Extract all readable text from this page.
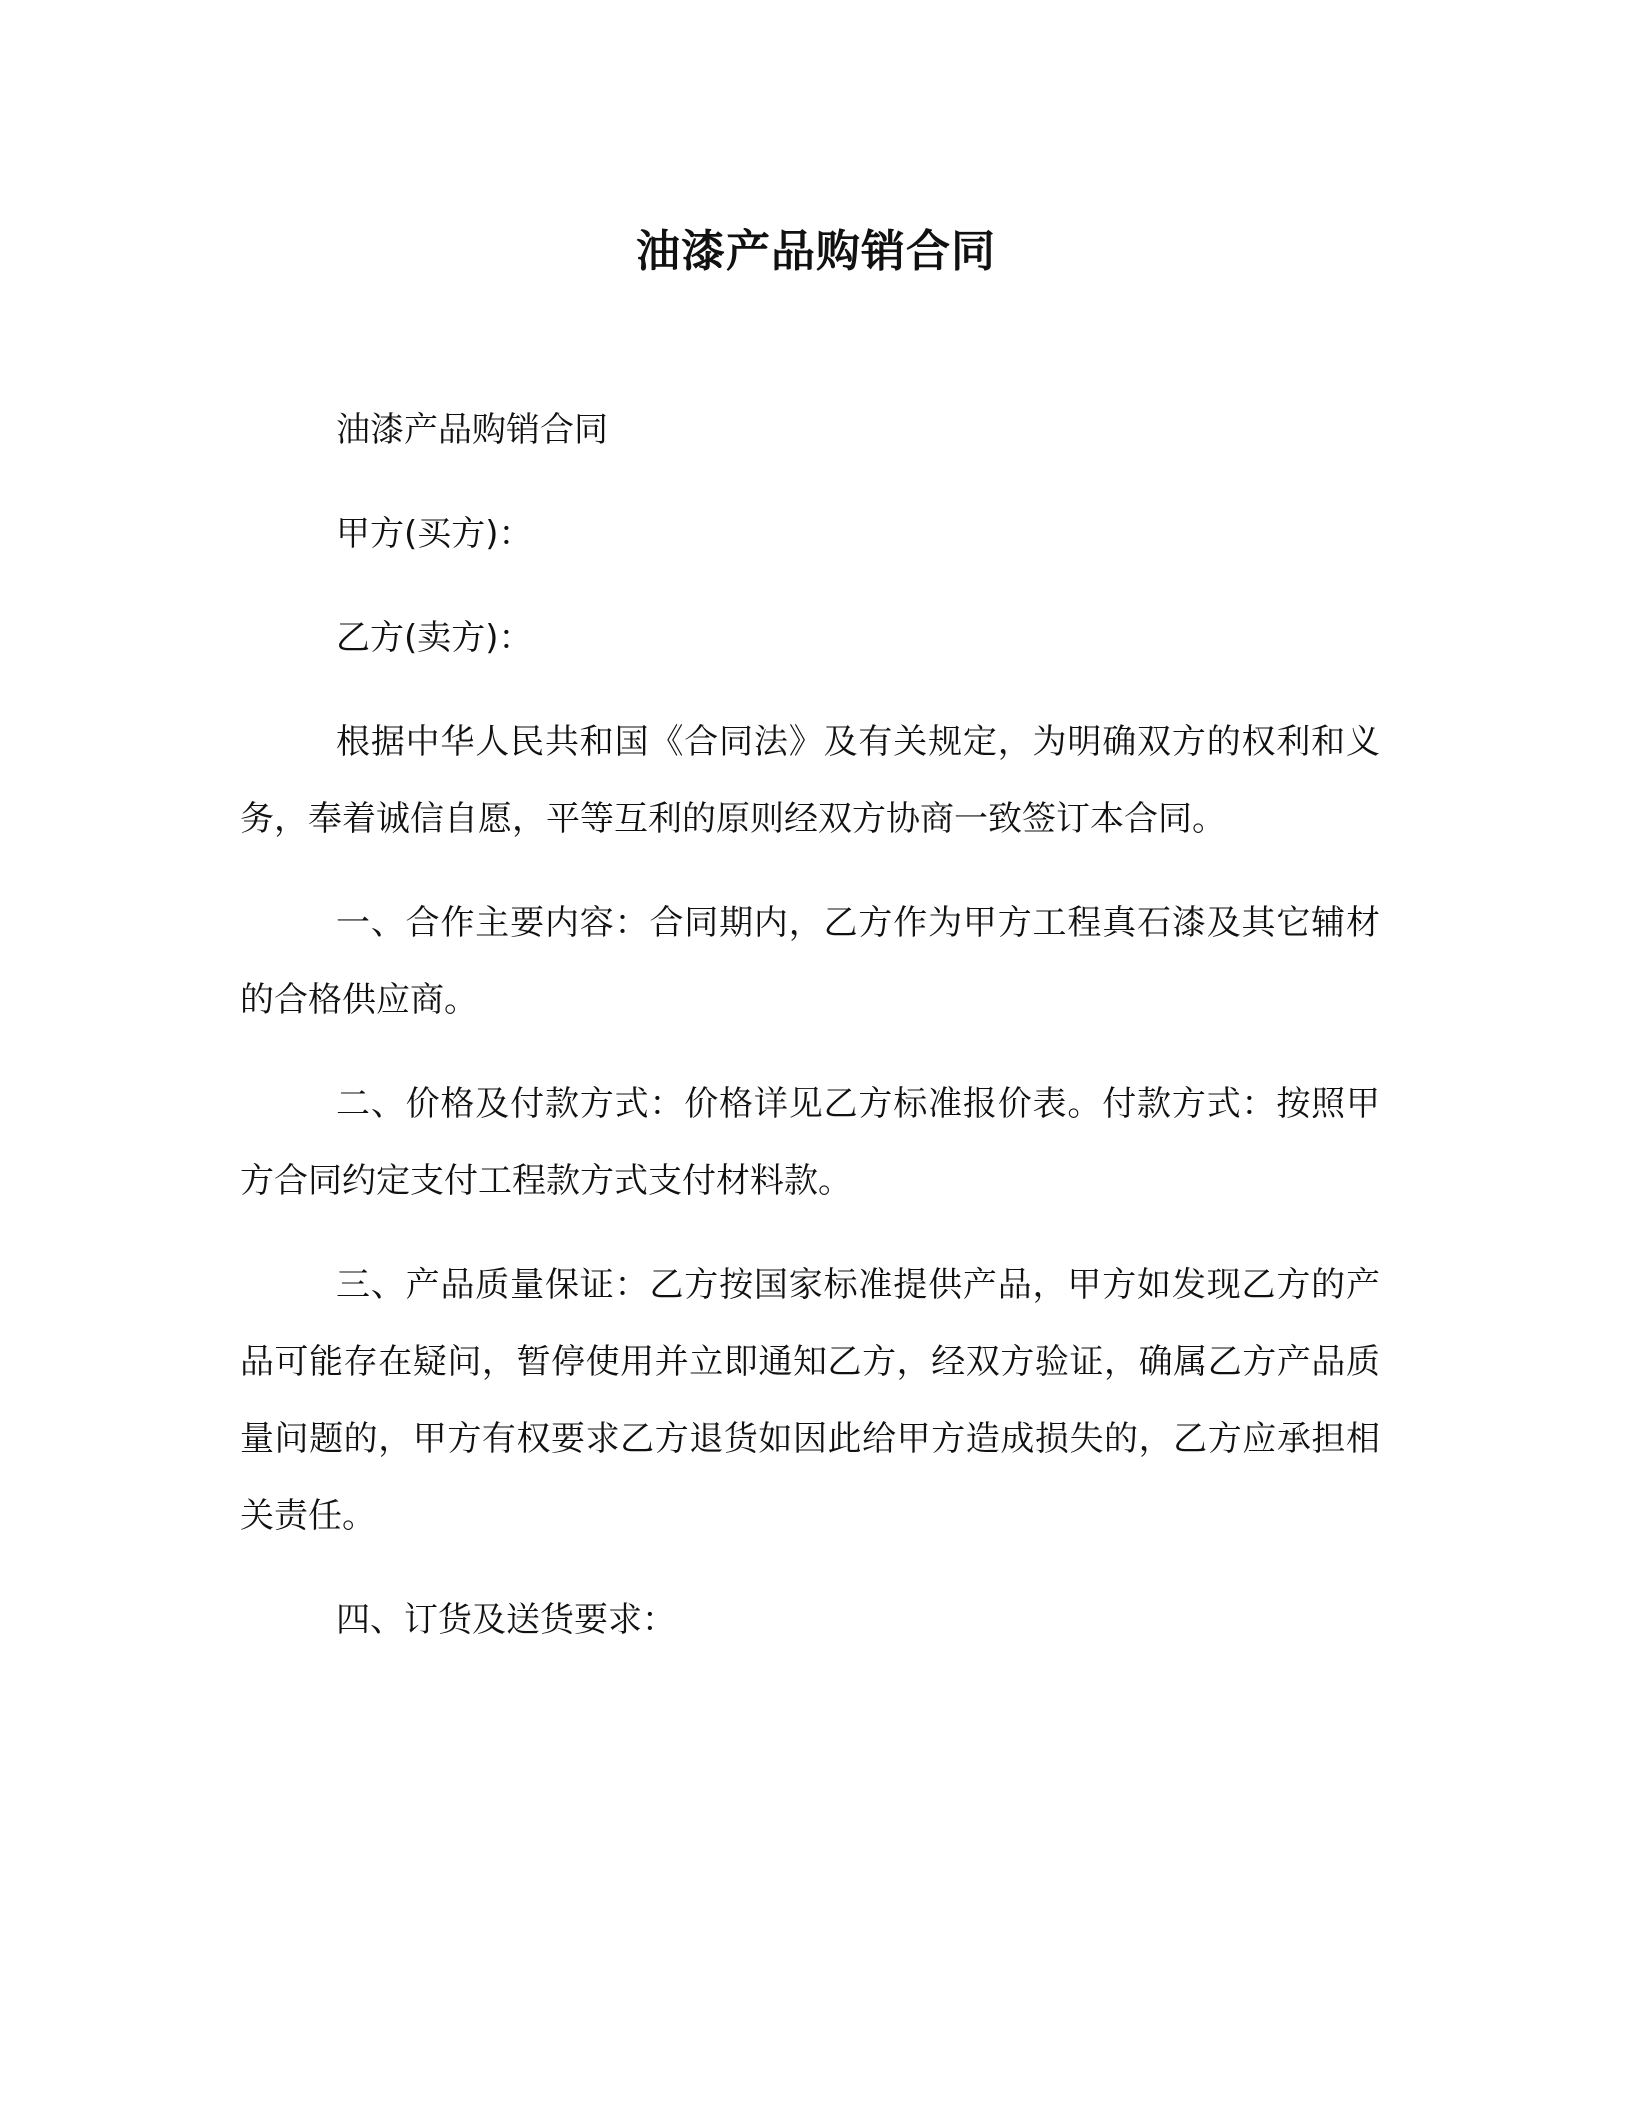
油漆产品购销合同

油漆产品购销合同

甲方(买方)：

乙方(卖方)：

根据中华人民共和国《合同法》及有关规定，为明确双方的权利和义务，奉着诚信自愿，平等互利的原则经双方协商一致签订本合同。

一、合作主要内容：合同期内，乙方作为甲方工程真石漆及其它辅材的合格供应商。

二、价格及付款方式：价格详见乙方标准报价表。付款方式：按照甲方合同约定支付工程款方式支付材料款。

三、产品质量保证：乙方按国家标准提供产品，甲方如发现乙方的产品可能存在疑问，暂停使用并立即通知乙方，经双方验证，确属乙方产品质量问题的，甲方有权要求乙方退货如因此给甲方造成损失的，乙方应承担相关责任。

四、订货及送货要求：
